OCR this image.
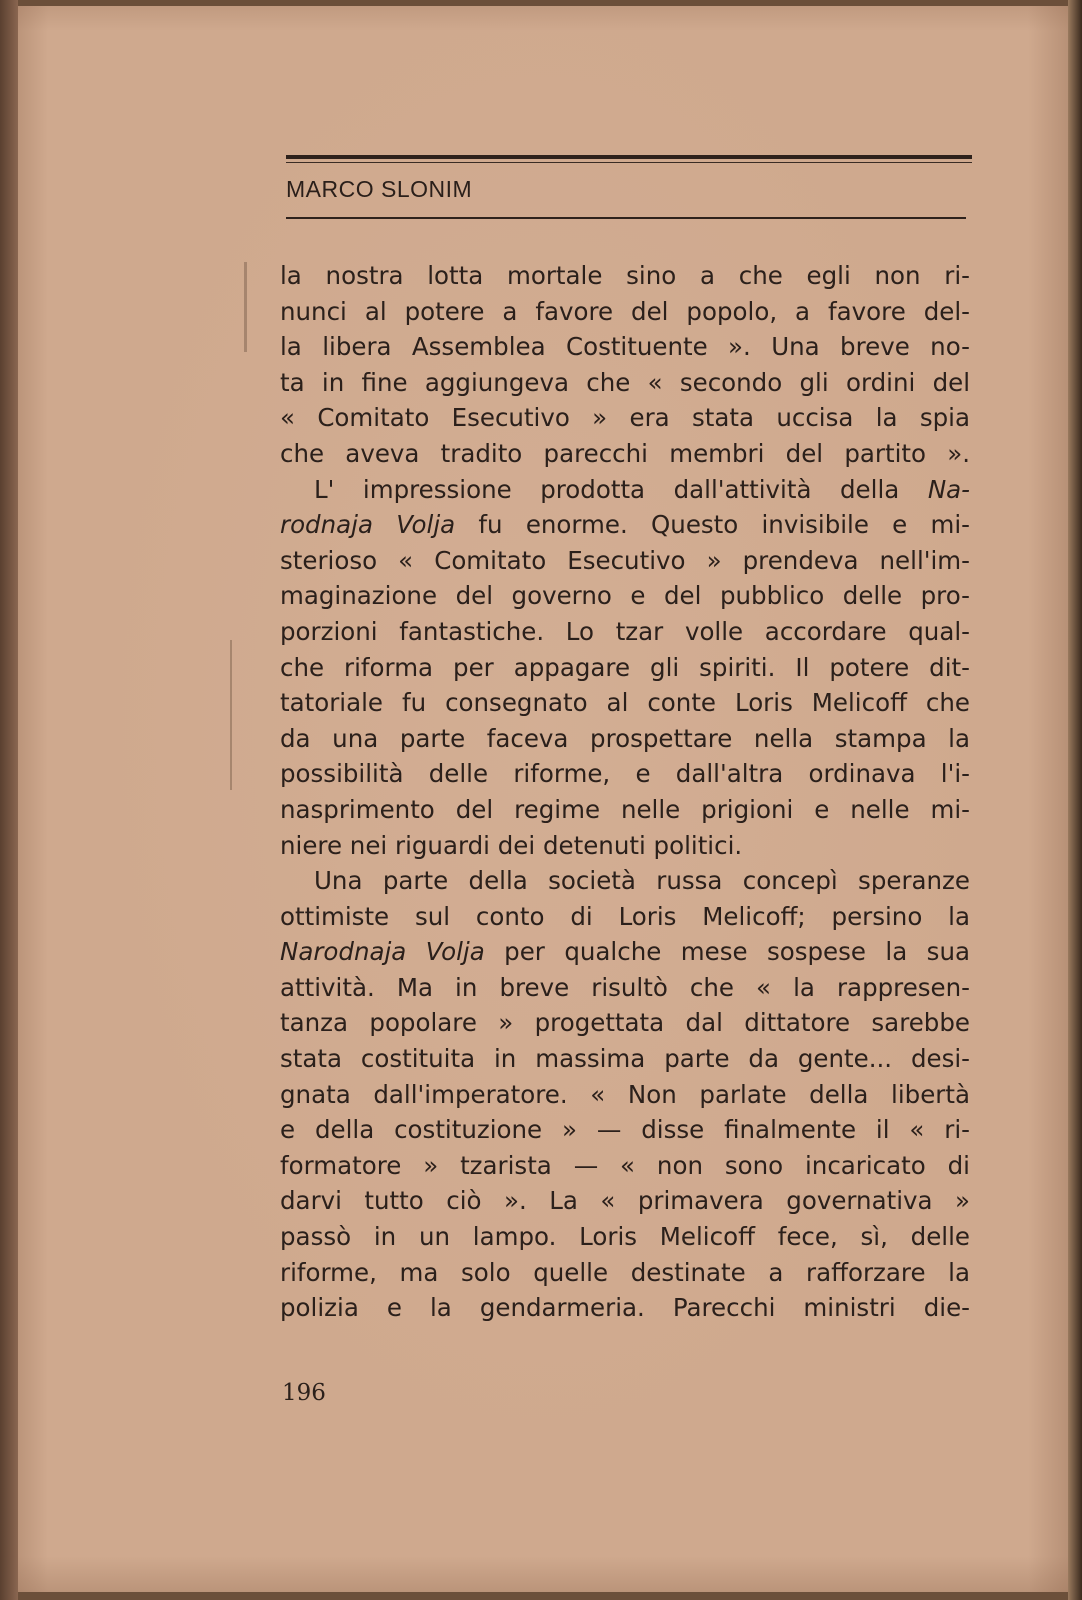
MARCO SLONIM
la nostra lotta mortale sino a che egli non ri-
nunci al potere a favore del popolo, a favore del-
la libera Assemblea Costituente ». Una breve no-
ta in fine aggiungeva che « secondo gli ordini del
« Comitato Esecutivo » era stata uccisa la spia
che aveva tradito parecchi membri del partito ».
L' impressione prodotta dall'attività della Na-
rodnaja Volja fu enorme. Questo invisibile e mi-
sterioso « Comitato Esecutivo » prendeva nell'im-
maginazione del governo e del pubblico delle pro-
porzioni fantastiche. Lo tzar volle accordare qual-
che riforma per appagare gli spiriti. Il potere dit-
tatoriale fu consegnato al conte Loris Melicoff che
da una parte faceva prospettare nella stampa la
possibilità delle riforme, e dall'altra ordinava l'i-
nasprimento del regime nelle prigioni e nelle mi-
niere nei riguardi dei detenuti politici.
Una parte della società russa concepì speranze
ottimiste sul conto di Loris Melicoff; persino la
Narodnaja Volja per qualche mese sospese la sua
attività. Ma in breve risultò che « la rappresen-
tanza popolare » progettata dal dittatore sarebbe
stata costituita in massima parte da gente... desi-
gnata dall'imperatore. « Non parlate della libertà
e della costituzione » — disse finalmente il « ri-
formatore » tzarista — « non sono incaricato di
darvi tutto ciò ». La « primavera governativa »
passò in un lampo. Loris Melicoff fece, sì, delle
riforme, ma solo quelle destinate a rafforzare la
polizia e la gendarmeria. Parecchi ministri die-
196
